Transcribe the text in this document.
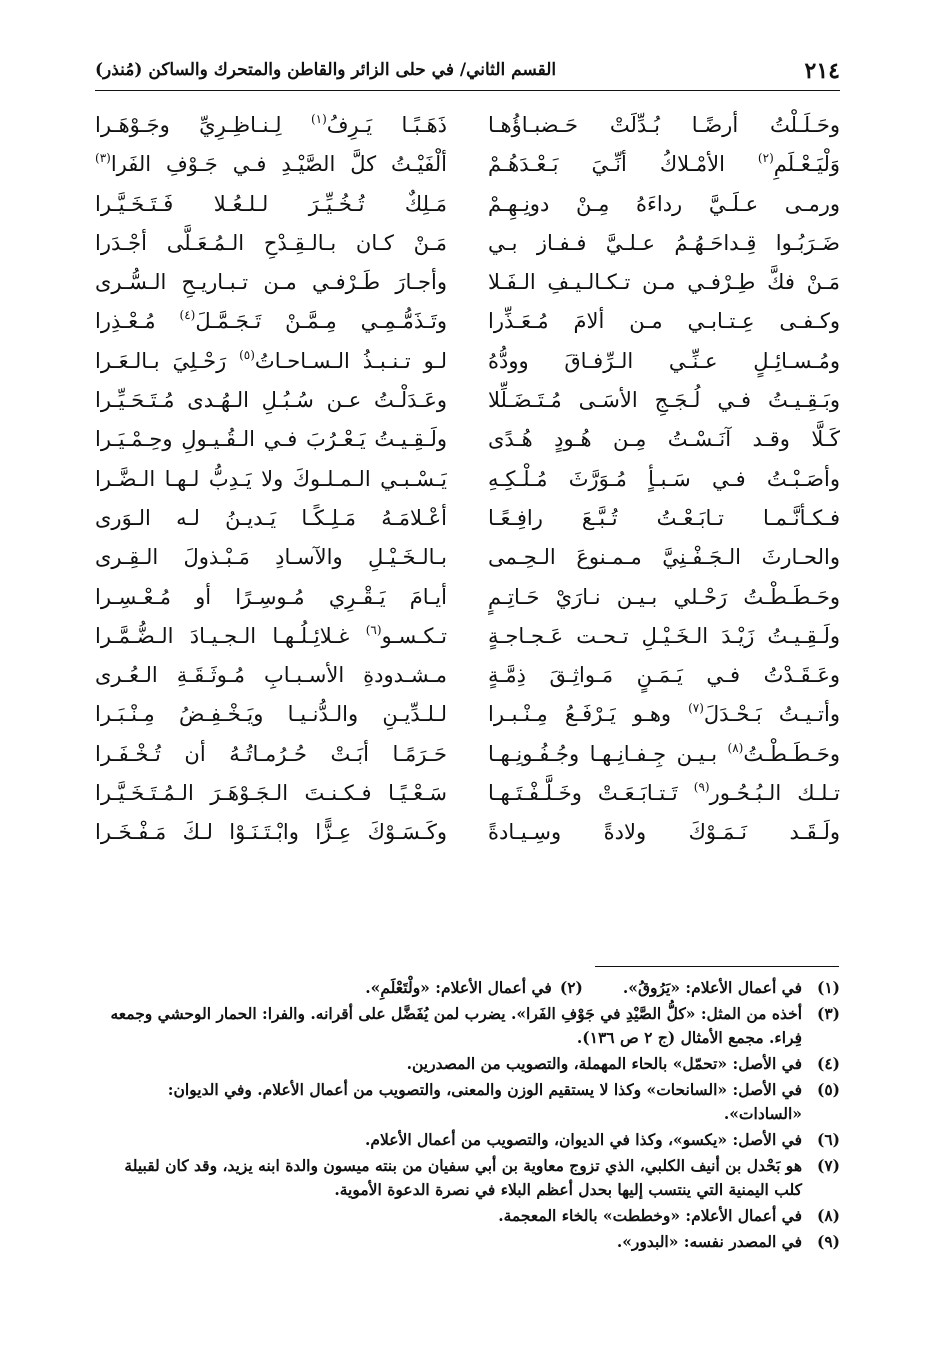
٢١٤
القسم الثاني/ في حلى الزائر والقاطن والمتحرك والساكن (مُنذر)
وحَـلَـلْتُ أرضًـا بُـدِّلَتْ حَـضبـاؤُهـا
ذَهَـبًـا يَـرِفُ$^{(١)}$ لِـنـاظِـرِيِّ وجَـوْهَـرا
وَلْيَـعْـلَمِ$^{(٢)}$ الأمْـلاكُ أنِّـيَ بَـعْـدَهُـمْ
ألْفَيْـتُ كلَّ الصَّيْـدِ فـي جَـوْفِ الفَرا$^{(٣)}$
ورمـى عـلَـيَّ رداءَهُ مِـنْ دونِـهِـمْ
مَـلِكٌ تُـخُـيِّـرَ لـلـعُـلا فَـتَـخَـيَّـرا
ضَـرَبُـوا قِـداحَـهُـمُ عـلـيَّ فـفـاز بـي
مَـنْ كـان بـالـقِـدْحِ الـمُـعَـلَّى أجْـدَرا
مَـنْ فكَّ طِـرْفـي مـن تـكـالـيـفِ الـفَـلا
وأجـارَ طَـرْفـي مـن تـبـاريـحِ الـسُّـرى
وكـفـى عِـتـابـي مـن ألامَ مُـعَـذِّرا
وتَـذَمُّـمِـي مِـمَّـنْ تَـجَـمَّـلَ$^{(٤)}$ مُـعْـذِرا
ومُـسـائِـلٍ عـنِّـي الـرِّفـاقَ وودُّهُ
لـو تـنـبـذُ الـسـاحـاتُ$^{(٥)}$ رَحْـلِيَ بـالـعَـرا
وبَـقِـيـتُ فـي لُـجَـجِ الأسَـى مُـتَـضَـلِّلا
وعَـدَلْـتُ عـن سُـبُـلِ الـهُـدى مُـتَـحَـيِّـرا
كَـلَّا وقـد آنَـسْـتُ مِـن هُـودٍ هُـدًى
ولَـقِـيـتُ يَـعْـرُبَ فـي الـقُـيـولِ وحِـمْـيَـرا
وأصَـبْـتُ فـي سَـبـأٍ مُـوَرَّثَ مُـلْـكِـهِ
يَـسْـبـي الـمـلـوكَ ولا يَـدِبُّ لـهـا الـضَّـرا
فـكـأنَّـمـا تـابَـعْـتُ تُـبَّـعَ رافِـعًـا
أعْـلامَـهُ مَـلِـكًـا يَـديـنُ لـه الـوَرى
والحـارثَ الـجَـفْـنِيَّ مـمـنوعَ الـحِـمى
بـالـخَـيْـلِ والآسـادِ مَـبْـذولَ الـقِـرى
وحَـطَـطْـتُ رَحْـلي بـيـن نـارَيْ حَـاتِـمٍ
أيـامَ يَـقْـرِي مُـوسِـرًا أو مُـعْـسِـرا
ولَـقِـيـتُ زَيْـدَ الـخَـيْـلِ تـحـت عَـجـاجـةٍ
تـكـسـو$^{(٦)}$ غـلائِـلُـهـا الـجـيـادَ الـضُّـمَّـرا
وعَـقَـدْتُ فـي يَـمَـنٍ مَـواثِـقَ ذِمَّـةٍ
مـشـدودةِ الأسـبـابِ مُـوثَـقَـةِ الـعُـرى
وأتـيـتُ بَـحْـدَلَ$^{(٧)}$ وهـو يَـرْفَـعُ مِـنْـبـرا
لـلـدِّيـنِ والـدُّنـيـا ويَـخْـفِـضُ مِـنْـبَـرا
وحَـطَـطْـتُ$^{(٨)}$ بـيـن جِـفـانِـهـا وجُـفُـونِـهـا
حَـرَمًـا أبَـتْ حُـرُمـاتُـهُ أن تُـخْـفَـرا
تـلـك الـبُـحُـور$^{(٩)}$ تَـتـابَـعَـتْ وخَـلَّـفْـتَـهـا
سَـعْـيًـا فـكـنـتَ الـجَـوْهَـرَ الـمُـتَـخَـيَّـرا
ولَـقَـد نَـمَـوْكَ ولادةً وسِـيـادةً
وكَـسَـوْكَ عِـزًّا وابْـتَـنَـوْا لـكَ مَـفْـخَـرا
(١)
في أعمال الأعلام: «يَرُوقُ».
(٢)في أعمال الأعلام: «ولْتَعْلَمِ».
(٣)
أخذه من المثل: «كلُّ الصَّيْدِ في جَوْفِ الفَرا». يضرب لمن يُفَضَّل على أقرانه. والفرا: الحمار الوحشي وجمعه فِراء. مجمع الأمثال (ج ٢ ص ١٣٦).
(٤)
في الأصل: «تحمّل» بالحاء المهملة، والتصويب من المصدرين.
(٥)
في الأصل: «السانحات» وكذا لا يستقيم الوزن والمعنى، والتصويب من أعمال الأعلام. وفي الديوان: «السادات».
(٦)
في الأصل: «يكسو»، وكذا في الديوان، والتصويب من أعمال الأعلام.
(٧)
هو بَحْدل بن أنيف الكلبي، الذي تزوج معاوية بن أبي سفيان من بنته ميسون والدة ابنه يزيد، وقد كان لقبيلة كلب اليمنية التي ينتسب إليها بحدل أعظم البلاء في نصرة الدعوة الأموية.
(٨)
في أعمال الأعلام: «وخططت» بالخاء المعجمة.
(٩)
في المصدر نفسه: «البدور».
